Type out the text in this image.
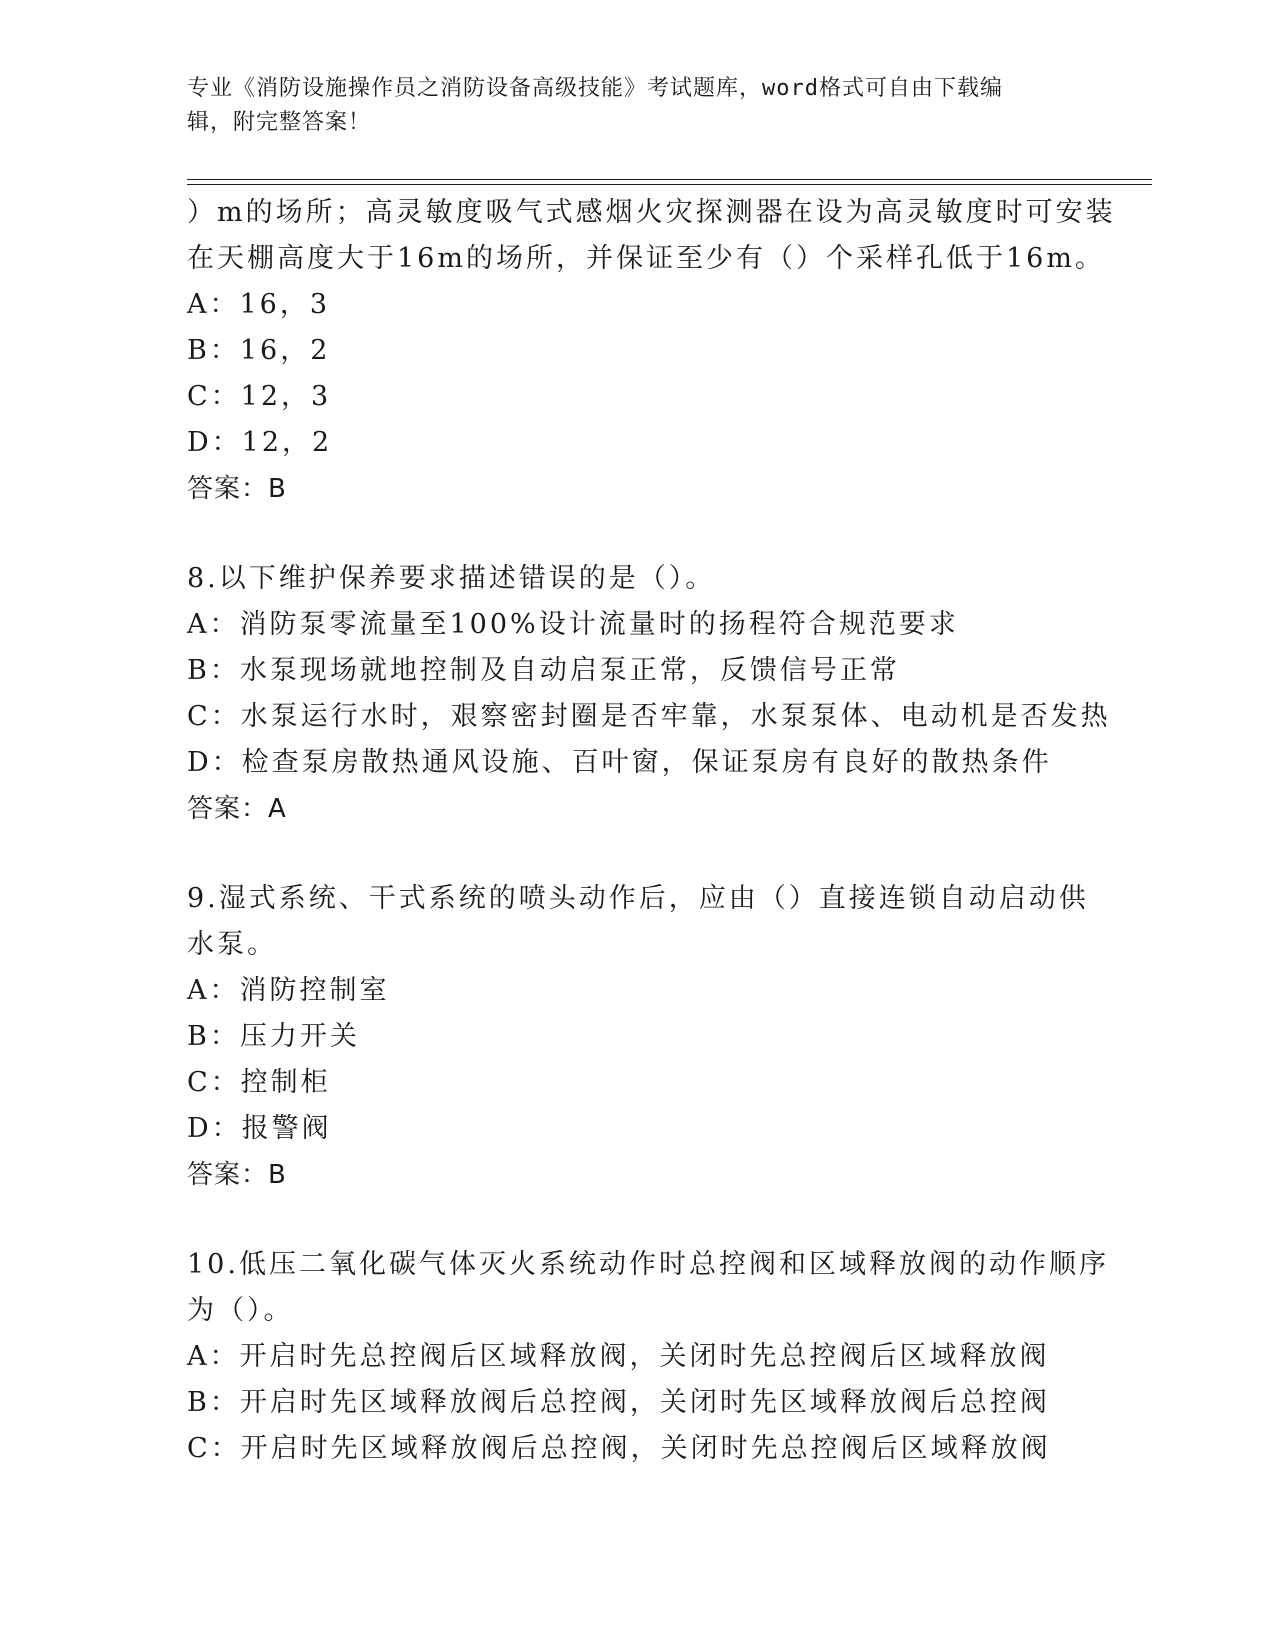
专业《消防设施操作员之消防设备高级技能》考试题库，word格式可自由下载编
辑，附完整答案！
）m的场所；高灵敏度吸气式感烟火灾探测器在设为高灵敏度时可安装
在天棚高度大于16m的场所，并保证至少有（）个采样孔低于16m。
A：16，3
B：16，2
C：12，3
D：12，2
答案：B
8.以下维护保养要求描述错误的是（）。
A：消防泵零流量至100%设计流量时的扬程符合规范要求
B：水泵现场就地控制及自动启泵正常，反馈信号正常
C：水泵运行水时，艰察密封圈是否牢靠，水泵泵体、电动机是否发热
D：检查泵房散热通风设施、百叶窗，保证泵房有良好的散热条件
答案：A
9.湿式系统、干式系统的喷头动作后，应由（）直接连锁自动启动供
水泵。
A：消防控制室
B：压力开关
C：控制柜
D：报警阀
答案：B
10.低压二氧化碳气体灭火系统动作时总控阀和区域释放阀的动作顺序
为（）。
A：开启时先总控阀后区域释放阀，关闭时先总控阀后区域释放阀
B：开启时先区域释放阀后总控阀，关闭时先区域释放阀后总控阀
C：开启时先区域释放阀后总控阀，关闭时先总控阀后区域释放阀
